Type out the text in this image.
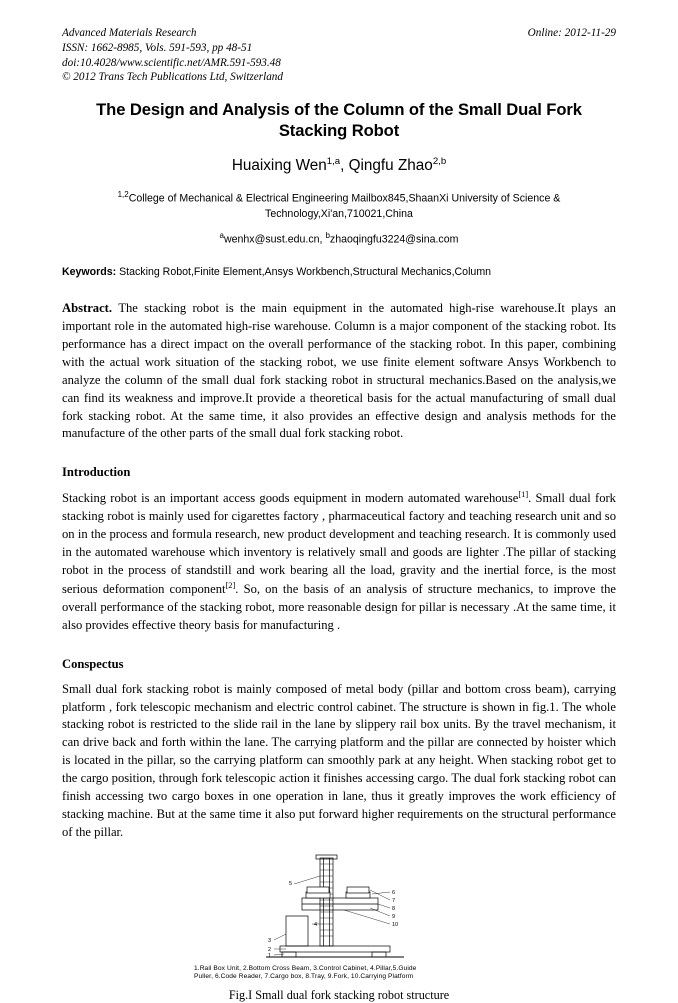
Advanced Materials Research
ISSN: 1662-8985, Vols. 591-593, pp 48-51
doi:10.4028/www.scientific.net/AMR.591-593.48
© 2012 Trans Tech Publications Ltd, Switzerland
Online: 2012-11-29
The Design and Analysis of the Column of the Small Dual Fork Stacking Robot
Huaixing Wen$^{1,a}$, Qingfu Zhao$^{2,b}$
$^{1,2}$College of Mechanical & Electrical Engineering Mailbox845,ShaanXi University of Science & Technology,Xi'an,710021,China
$^a$wenhx@sust.edu.cn, $^b$zhaoqingfu3224@sina.com
Keywords: Stacking Robot,Finite Element,Ansys Workbench,Structural Mechanics,Column
Abstract. The stacking robot is the main equipment in the automated high-rise warehouse.It plays an important role in the automated high-rise warehouse. Column is a major component of the stacking robot. Its performance has a direct impact on the overall performance of the stacking robot. In this paper, combining with the actual work situation of the stacking robot, we use finite element software Ansys Workbench to analyze the column of the small dual fork stacking robot in structural mechanics.Based on the analysis,we can find its weakness and improve.It provide a theoretical basis for the actual manufacturing of small dual fork stacking robot. At the same time, it also provides an effective design and analysis methods for the manufacture of the other parts of the small dual fork stacking robot.
Introduction
Stacking robot is an important access goods equipment in modern automated warehouse[1]. Small dual fork stacking robot is mainly used for cigarettes factory , pharmaceutical factory and teaching research unit and so on in the process and formula research, new product development and teaching research. It is commonly used in the automated warehouse which inventory is relatively small and goods are lighter .The pillar of stacking robot in the process of standstill and work bearing all the load, gravity and the inertial force, is the most serious deformation component[2]. So, on the basis of an analysis of structure mechanics, to improve the overall performance of the stacking robot, more reasonable design for pillar is necessary .At the same time, it also provides effective theory basis for manufacturing .
Conspectus
Small dual fork stacking robot is mainly composed of metal body (pillar and bottom cross beam), carrying platform , fork telescopic mechanism and electric control cabinet. The structure is shown in fig.1. The whole stacking robot is restricted to the slide rail in the lane by slippery rail box units. By the travel mechanism, it can drive back and forth within the lane. The carrying platform and the pillar are connected by hoister which is located in the pillar, so the carrying platform can smoothly park at any height. When stacking robot get to the cargo position, through fork telescopic action it finishes accessing cargo. The dual fork stacking robot can finish accessing two cargo boxes in one operation in lane, thus it greatly improves the work efficiency of stacking machine. But at the same time it also put forward higher requirements on the structural performance of the pillar.
5
6
7
8
9
10
4
3
2
1
1.Rail Box Unit, 2.Bottom Cross Beam, 3.Control Cabinet, 4.Pillar,5.Guide
Puller, 6.Code Reader, 7.Cargo box, 8.Tray, 9.Fork, 10.Carrying Platform
Fig.I Small dual fork stacking robot structure
